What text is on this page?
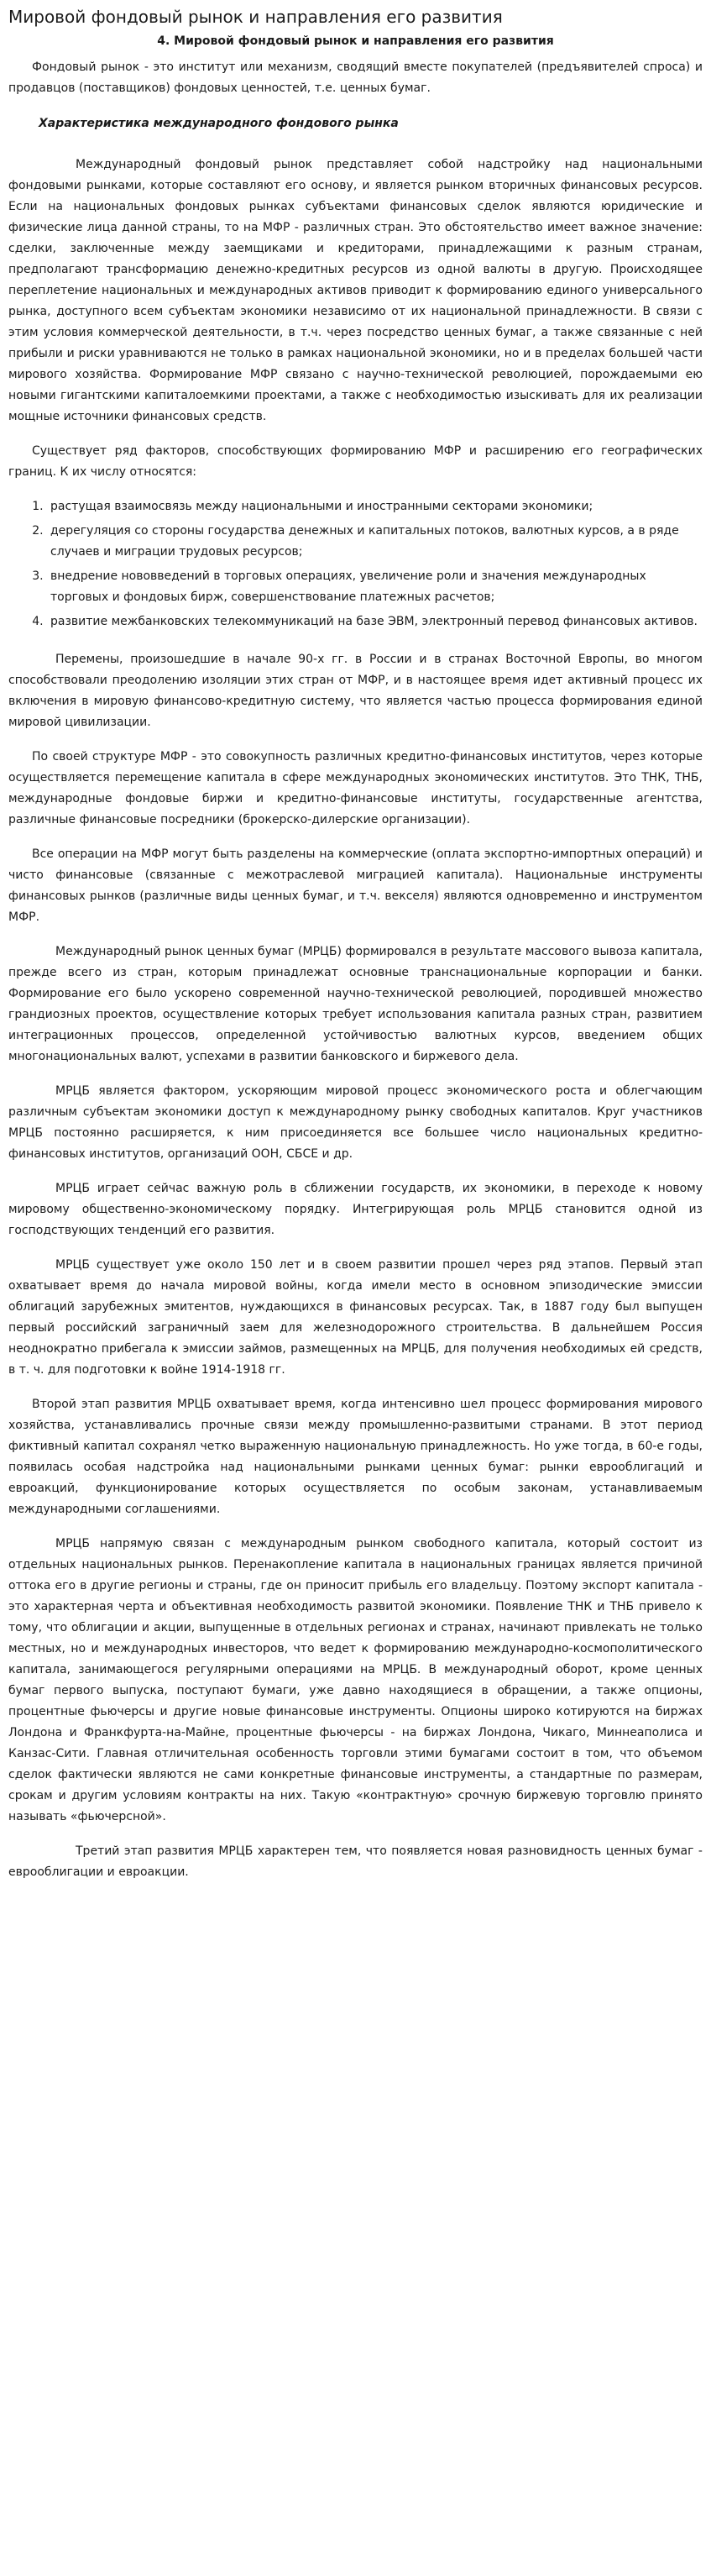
Мировой фондовый рынок и направления его развития
4. Мировой фондовый рынок и направления его развития

Фондовый рынок - это институт или механизм, сводящий вместе покупателей (предъявителей спроса) и продавцов (поставщиков) фондовых ценностей, т.е. ценных бумаг.

Характеристика международного фондового рынка

Международный фондовый рынок представляет собой надстройку над национальными фондовыми рынками, которые составляют его основу, и является рынком вторичных финансовых ресурсов. Если на национальных фондовых рынках субъектами финансовых сделок являются юридические и физические лица данной страны, то на МФР - различных стран. Это обстоятельство имеет важное значение: сделки, заключенные между заемщиками и кредиторами, принадлежащими к разным странам, предполагают трансформацию денежно-кредитных ресурсов из одной валюты в другую. Происходящее переплетение национальных и международных активов приводит к формированию единого универсального рынка, доступного всем субъектам экономики независимо от их национальной принадлежности. В связи с этим условия коммерческой деятельности, в т.ч. через посредство ценных бумаг, а также связанные с ней прибыли и риски уравниваются не только в рамках национальной экономики, но и в пределах большей части мирового хозяйства. Формирование МФР связано с научно-технической революцией, порождаемыми ею новыми гигантскими капиталоемкими проектами, а также с необходимостью изыскивать для их реализации мощные источники финансовых средств.

Существует ряд факторов, способствующих формированию МФР и расширению его географических границ. К их числу относятся:

1. растущая взаимосвязь между национальными и иностранными секторами экономики;
2. дерегуляция со стороны государства денежных и капитальных потоков, валютных курсов, а в ряде случаев и миграции трудовых ресурсов;
3. внедрение нововведений в торговых операциях, увеличение роли и значения международных торговых и фондовых бирж, совершенствование платежных расчетов;
4. развитие межбанковских телекоммуникаций на базе ЭВМ, электронный перевод финансовых активов.

Перемены, произошедшие в начале 90-х гг. в России и в странах Восточной Европы, во многом способствовали преодолению изоляции этих стран от МФР, и в настоящее время идет активный процесс их включения в мировую финансово-кредитную систему, что является частью процесса формирования единой мировой цивилизации.

По своей структуре МФР - это совокупность различных кредитно-финансовых институтов, через которые осуществляется перемещение капитала в сфере международных экономических институтов. Это ТНК, ТНБ, международные фондовые биржи и кредитно-финансовые институты, государственные агентства, различные финансовые посредники (брокерско-дилерские организации).

Все операции на МФР могут быть разделены на коммерческие (оплата экспортно-импортных операций) и чисто финансовые (связанные с межотраслевой миграцией капитала). Национальные инструменты финансовых рынков (различные виды ценных бумаг, и т.ч. векселя) являются одновременно и инструментом МФР.

Международный рынок ценных бумаг (МРЦБ) формировался в результате массового вывоза капитала, прежде всего из стран, которым принадлежат основные транснациональные корпорации и банки. Формирование его было ускорено современной научно-технической революцией, породившей множество грандиозных проектов, осуществление которых требует использования капитала разных стран, развитием интеграционных процессов, определенной устойчивостью валютных курсов, введением общих многонациональных валют, успехами в развитии банковского и биржевого дела.

МРЦБ является фактором, ускоряющим мировой процесс экономического роста и облегчающим различным субъектам экономики доступ к международному рынку свободных капиталов. Круг участников МРЦБ постоянно расширяется, к ним присоединяется все большее число национальных кредитно-финансовых институтов, организаций ООН, СБСЕ и др.

МРЦБ играет сейчас важную роль в сближении государств, их экономики, в переходе к новому мировому общественно-экономическому порядку. Интегрирующая роль МРЦБ становится одной из господствующих тенденций его развития.

МРЦБ существует уже около 150 лет и в своем развитии прошел через ряд этапов. Первый этап охватывает время до начала мировой войны, когда имели место в основном эпизодические эмиссии облигаций зарубежных эмитентов, нуждающихся в финансовых ресурсах. Так, в 1887 году был выпущен первый российский заграничный заем для железнодорожного строительства. В дальнейшем Россия неоднократно прибегала к эмиссии займов, размещенных на МРЦБ, для получения необходимых ей средств, в т. ч. для подготовки к войне 1914-1918 гг.

Второй этап развития МРЦБ охватывает время, когда интенсивно шел процесс формирования мирового хозяйства, устанавливались прочные связи между промышленно-развитыми странами. В этот период фиктивный капитал сохранял четко выраженную национальную принадлежность. Но уже тогда, в 60-е годы, появилась особая надстройка над национальными рынками ценных бумаг: рынки еврооблигаций и евроакций, функционирование которых осуществляется по особым законам, устанавливаемым международными соглашениями.

МРЦБ напрямую связан с международным рынком свободного капитала, который состоит из отдельных национальных рынков. Перенакопление капитала в национальных границах является причиной оттока его в другие регионы и страны, где он приносит прибыль его владельцу. Поэтому экспорт капитала - это характерная черта и объективная необходимость развитой экономики. Появление ТНК и ТНБ привело к тому, что облигации и акции, выпущенные в отдельных регионах и странах, начинают привлекать не только местных, но и международных инвесторов, что ведет к формированию международно-космополитического капитала, занимающегося регулярными операциями на МРЦБ. В международный оборот, кроме ценных бумаг первого выпуска, поступают бумаги, уже давно находящиеся в обращении, а также опционы, процентные фьючерсы и другие новые финансовые инструменты. Опционы широко котируются на биржах Лондона и Франкфурта-на-Майне, процентные фьючерсы - на биржах Лондона, Чикаго, Миннеаполиса и Канзас-Сити. Главная отличительная особенность торговли этими бумагами состоит в том, что объемом сделок фактически являются не сами конкретные финансовые инструменты, а стандартные по размерам, срокам и другим условиям контракты на них. Такую «контрактную» срочную биржевую торговлю принято называть «фьючерсной».

Третий этап развития МРЦБ характерен тем, что появляется новая разновидность ценных бумаг - еврооблигации и евроакции.
